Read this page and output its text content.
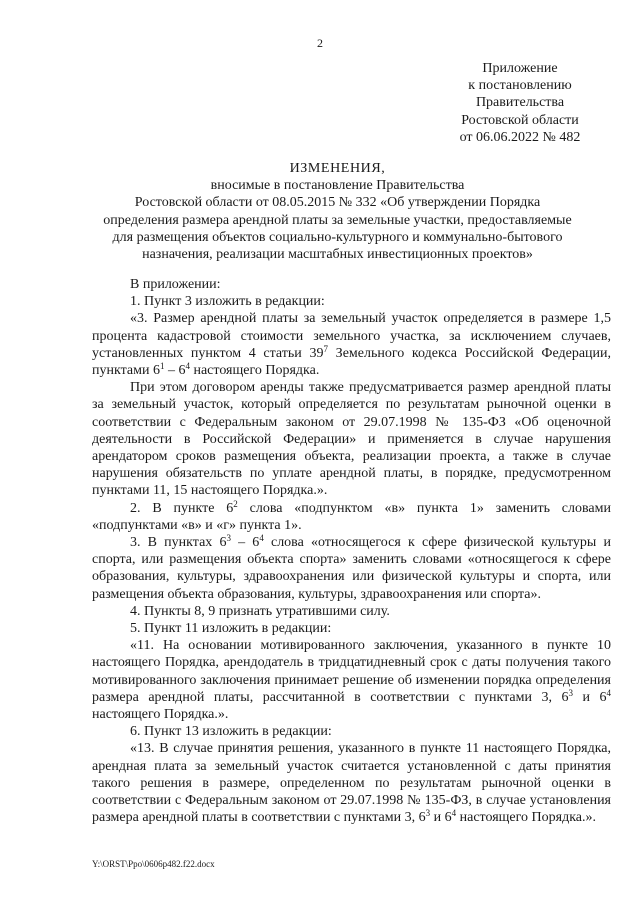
2
Приложение
к постановлению
Правительства
Ростовской области
от 06.06.2022 № 482
ИЗМЕНЕНИЯ,
вносимые в постановление Правительства
Ростовской области от 08.05.2015 № 332 «Об утверждении Порядка
определения размера арендной платы за земельные участки, предоставляемые
для размещения объектов социально-культурного и коммунально-бытового
назначения, реализации масштабных инвестиционных проектов»

В приложении:

1. Пункт 3 изложить в редакции:

«3. Размер арендной платы за земельный участок определяется в размере 1,5 процента кадастровой стоимости земельного участка, за исключением случаев, установленных пунктом 4 статьи $39^7$ Земельного кодекса Российской Федерации, пунктами $6^1 - 6^4$ настоящего Порядка.

При этом договором аренды также предусматривается размер арендной платы за земельный участок, который определяется по результатам рыночной оценки в соответствии с Федеральным законом от 29.07.1998 № 135-ФЗ «Об оценочной деятельности в Российской Федерации» и применяется в случае нарушения арендатором сроков размещения объекта, реализации проекта, а также в случае нарушения обязательств по уплате арендной платы, в порядке, предусмотренном пунктами 11, 15 настоящего Порядка.».

2. В пункте $6^2$ слова «подпунктом «в» пункта 1» заменить словами «подпунктами «в» и «г» пункта 1».

3. В пунктах $6^3 - 6^4$ слова «относящегося к сфере физической культуры и спорта, или размещения объекта спорта» заменить словами «относящегося к сфере образования, культуры, здравоохранения или физической культуры и спорта, или размещения объекта образования, культуры, здравоохранения или спорта».

4. Пункты 8, 9 признать утратившими силу.

5. Пункт 11 изложить в редакции:

«11. На основании мотивированного заключения, указанного в пункте 10 настоящего Порядка, арендодатель в тридцатидневный срок с даты получения такого мотивированного заключения принимает решение об изменении порядка определения размера арендной платы, рассчитанной в соответствии с пунктами 3, $6^3$ и $6^4$ настоящего Порядка.».

6. Пункт 13 изложить в редакции:

«13. В случае принятия решения, указанного в пункте 11 настоящего Порядка, арендная плата за земельный участок считается установленной с даты принятия такого решения в размере, определенном по результатам рыночной оценки в соответствии с Федеральным законом от 29.07.1998 № 135-ФЗ, в случае установления размера арендной платы в соответствии с пунктами 3, $6^3$ и $6^4$ настоящего Порядка.».

Y:\ORST\Ppo\0606p482.f22.docx
